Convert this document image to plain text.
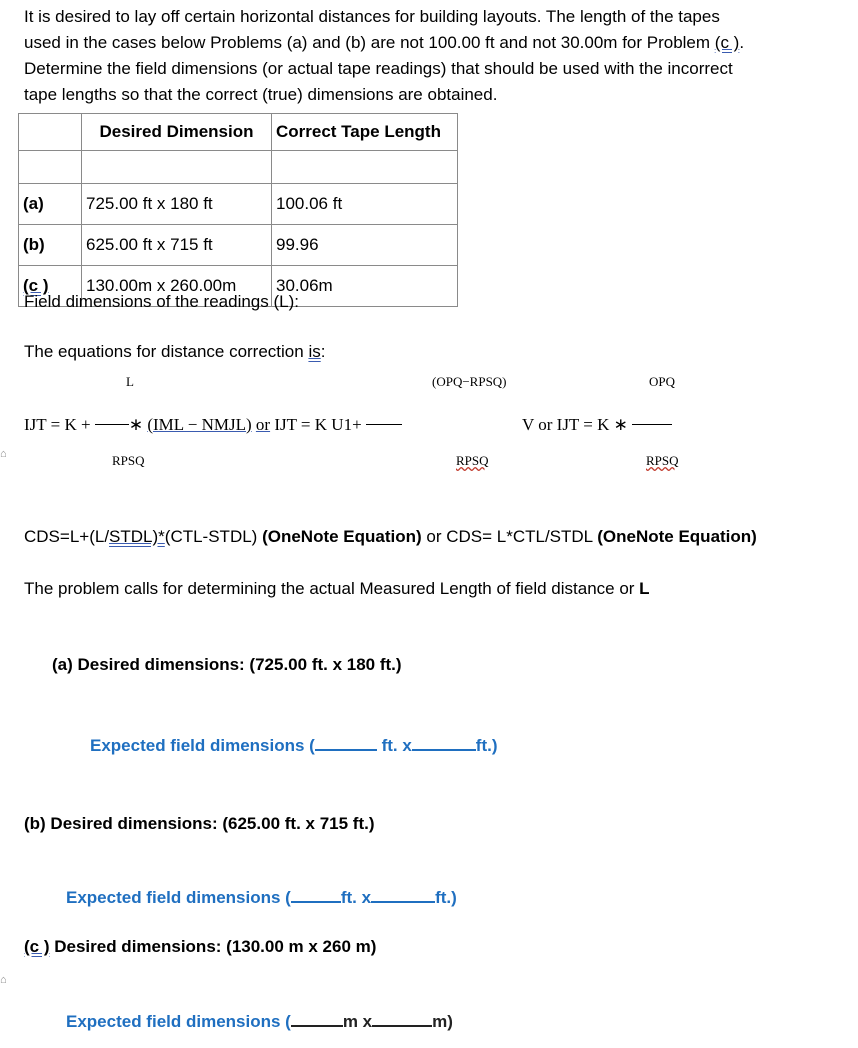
It is desired to lay off certain horizontal distances for building layouts. The length of the tapes

used in the cases below Problems (a) and (b) are not 100.00 ft and not 30.00m for Problem (c ).

Determine the field dimensions (or actual tape readings) that should be used with the incorrect

tape lengths so that the correct (true) dimensions are obtained.

	Desired Dimension	Correct Tape Length

(a)	725.00 ft x 180 ft	100.06 ft
(b)	625.00 ft x 715 ft	99.96
(c )	130.00m x 260.00m	30.06m
Field dimensions of the readings (L):
The equations for distance correction is:
L	(OPQ−RPSQ)	OPQ
IJT = K + ∗ (IML − NMJL) or IJT = K U1+	V or IJT = K ∗
⌂	RPSQ	RPSQ	RPSQ
CDS=L+(L/STDL)*(CTL-STDL) (OneNote Equation) or CDS= L*CTL/STDL (OneNote Equation)
The problem calls for determining the actual Measured Length of field distance or L
(a) Desired dimensions: (725.00 ft. x 180 ft.)
Expected field dimensions (	ft. x	ft.)
(b) Desired dimensions: (625.00 ft. x 715 ft.)
Expected field dimensions (	ft. x	ft.)
(c ) Desired dimensions: (130.00 m x 260 m)
⌂
Expected field dimensions (	m x	m)
